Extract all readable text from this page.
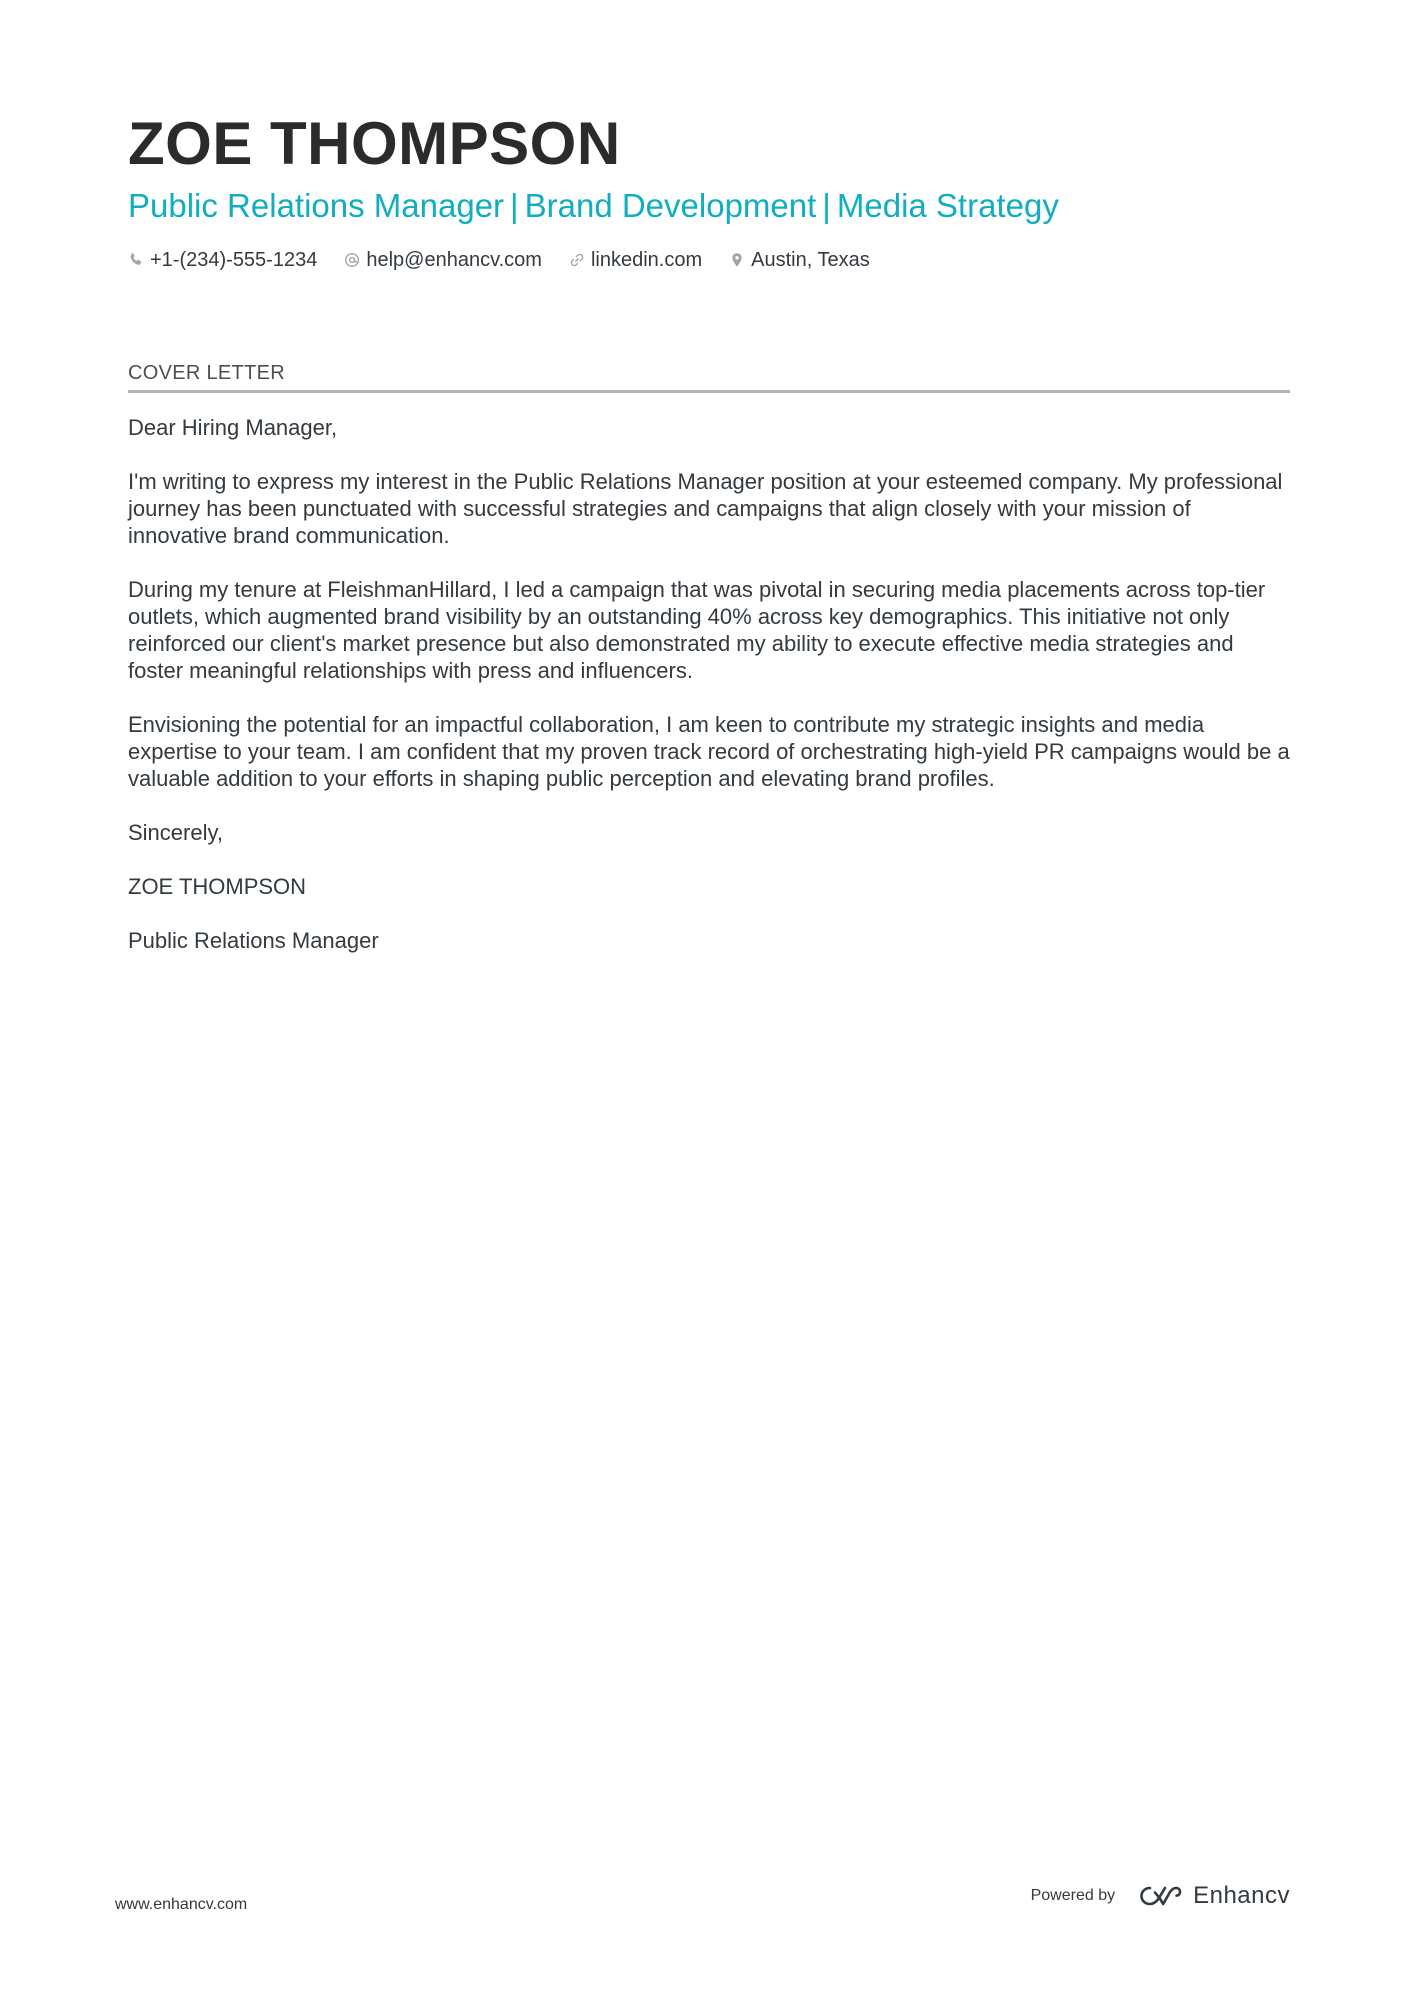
ZOE THOMPSON
Public Relations Manager | Brand Development | Media Strategy
+1-(234)-555-1234 help@enhancv.com linkedin.com Austin, Texas
COVER LETTER

Dear Hiring Manager,

I'm writing to express my interest in the Public Relations Manager position at your esteemed company. My professional journey has been punctuated with successful strategies and campaigns that align closely with your mission of innovative brand communication.

During my tenure at FleishmanHillard, I led a campaign that was pivotal in securing media placements across top-tier outlets, which augmented brand visibility by an outstanding 40% across key demographics. This initiative not only reinforced our client's market presence but also demonstrated my ability to execute effective media strategies and foster meaningful relationships with press and influencers.

Envisioning the potential for an impactful collaboration, I am keen to contribute my strategic insights and media expertise to your team. I am confident that my proven track record of orchestrating high-yield PR campaigns would be a valuable addition to your efforts in shaping public perception and elevating brand profiles.

Sincerely,

ZOE THOMPSON

Public Relations Manager

www.enhancv.com
Powered by	Enhancv
